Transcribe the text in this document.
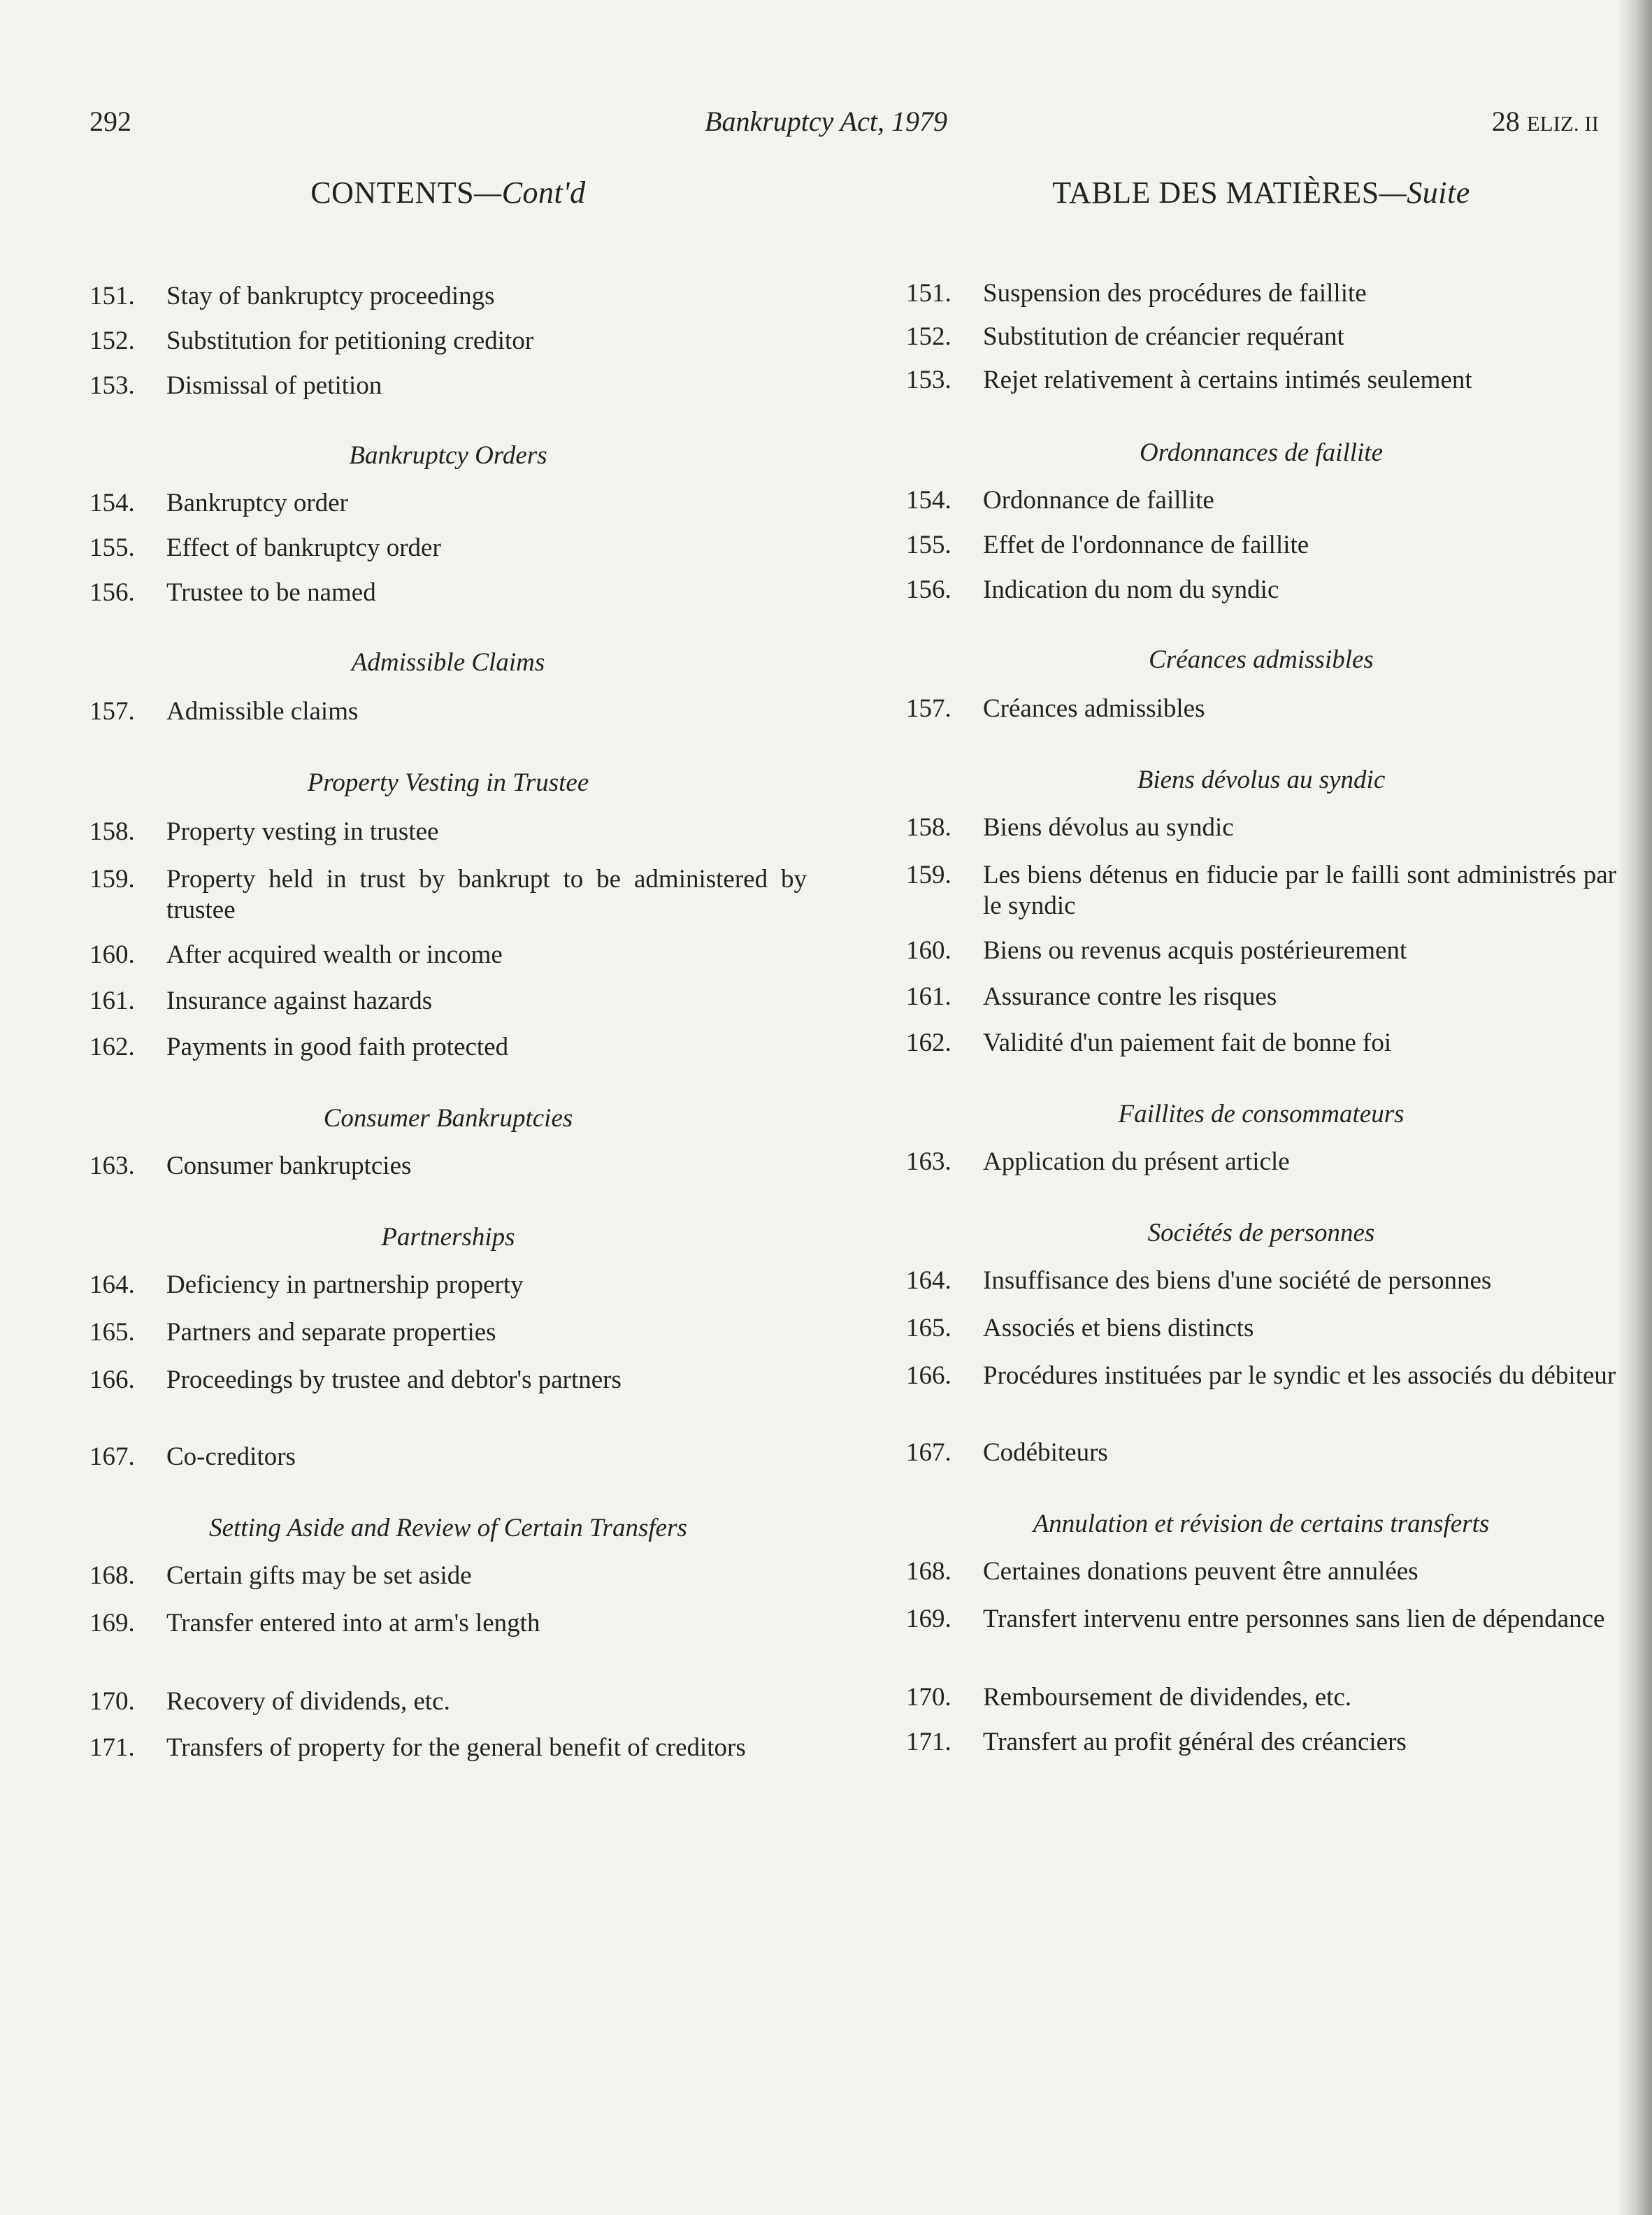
292	Bankruptcy Act, 1979	28 ELIZ. II
CONTENTS—Cont'd
151.	Stay of bankruptcy proceedings
152.	Substitution for petitioning creditor
153.	Dismissal of petition
Bankruptcy Orders
154.	Bankruptcy order
155.	Effect of bankruptcy order
156.	Trustee to be named
Admissible Claims
157.	Admissible claims
Property Vesting in Trustee
158.	Property vesting in trustee
159.	Property held in trust by bankrupt to be administered by trustee
160.	After acquired wealth or income
161.	Insurance against hazards
162.	Payments in good faith protected
Consumer Bankruptcies
163.	Consumer bankruptcies
Partnerships
164.	Deficiency in partnership property
165.	Partners and separate properties
166.	Proceedings by trustee and debtor's partners
167.	Co-creditors
Setting Aside and Review of Certain Transfers
168.	Certain gifts may be set aside
169.	Transfer entered into at arm's length
170.	Recovery of dividends, etc.
171.	Transfers of property for the general benefit of creditors
TABLE DES MATIÈRES—Suite
151.	Suspension des procédures de faillite
152.	Substitution de créancier requérant
153.	Rejet relativement à certains intimés seulement
Ordonnances de faillite
154.	Ordonnance de faillite
155.	Effet de l'ordonnance de faillite
156.	Indication du nom du syndic
Créances admissibles
157.	Créances admissibles
Biens dévolus au syndic
158.	Biens dévolus au syndic
159.	Les biens détenus en fiducie par le failli sont administrés par le syndic
160.	Biens ou revenus acquis postérieurement
161.	Assurance contre les risques
162.	Validité d'un paiement fait de bonne foi
Faillites de consommateurs
163.	Application du présent article
Sociétés de personnes
164.	Insuffisance des biens d'une société de personnes
165.	Associés et biens distincts
166.	Procédures instituées par le syndic et les associés du débiteur
167.	Codébiteurs
Annulation et révision de certains transferts
168.	Certaines donations peuvent être annulées
169.	Transfert intervenu entre personnes sans lien de dépendance
170.	Remboursement de dividendes, etc.
171.	Transfert au profit général des créanciers
